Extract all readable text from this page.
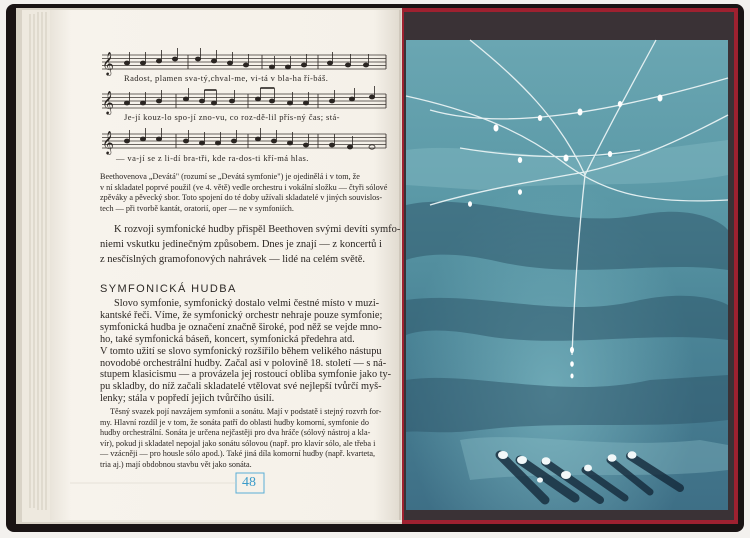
𝄞
𝄞
𝄞
Radost, plamen sva-tý,chval-me, vi-tá v bla-ha ří-báš.
Je-jí kouz-lo spo-jí zno-vu, co roz-dě-lil přís-ný čas; stá-
— va-jí se z li-dí bra-tři, kde ra-dos-ti kří-má hlas.
Beethovenova „Devátá" (rozumí se „Devátá symfonie") je ojedinělá i v tom, že
v ní skladatel poprvé použil (ve 4. větě) vedle orchestru i vokální složku — čtyři sólové
zpěváky a pěvecký sbor. Toto spojení do té doby užívali skladatelé v jiných souvislos-
tech — při tvorbě kantát, oratorií, oper — ne v symfoniích.
K rozvoji symfonické hudby přispěl Beethoven svými devíti symfo-
niemi vskutku jedinečným způsobem. Dnes je znají — z koncertů i
z nesčíslných gramofonových nahrávek — lidé na celém světě.
SYMFONICKÁ HUDBA
Slovo symfonie, symfonický dostalo velmi čestné místo v muzi-
kantské řeči. Víme, že symfonický orchestr nehraje pouze symfonie;
symfonická hudba je označení značně široké, pod něž se vejde mno-
ho, také symfonická báseň, koncert, symfonická předehra atd.
V tomto užití se slovo symfonický rozšířilo během velikého nástupu
novodobé orchestrální hudby. Začal asi v polovině 18. století — s ná-
stupem klasicismu — a provázela jej rostoucí obliba symfonie jako ty-
pu skladby, do níž začali skladatelé vtělovat své nejlepší tvůrčí myš-
lenky; stála v popředí jejich tvůrčího úsilí.
Těsný svazek pojí navzájem symfonii a sonátu. Mají v podstatě i stejný rozvrh for-
my. Hlavní rozdíl je v tom, že sonáta patří do oblasti hudby komorní, symfonie do
hudby orchestrální. Sonáta je určena nejčastěji pro dva hráče (sólový nástroj a kla-
vír), pokud ji skladatel nepojal jako sonátu sólovou (např. pro klavír sólo, ale třeba i
— vzácněji — pro housle sólo apod.). Také jiná díla komorní hudby (např. kvarteta,
tria aj.) mají obdobnou stavbu vět jako sonáta.
48
